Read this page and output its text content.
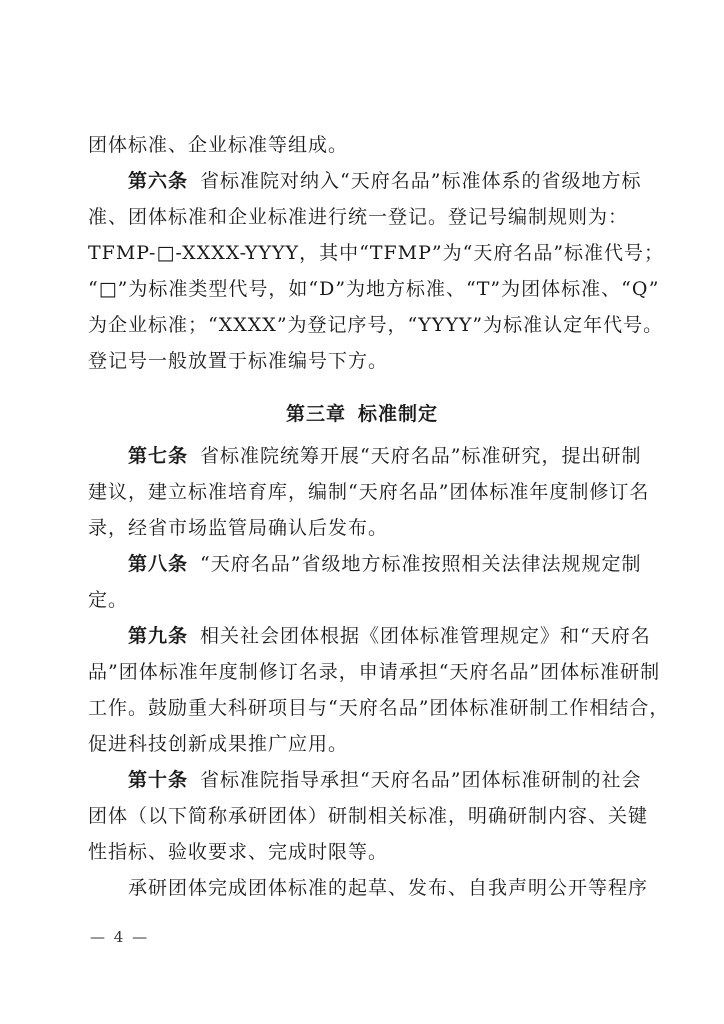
团体标准、企业标准等组成。
第六条 省标准院对纳入“天府名品”标准体系的省级地方标
准、团体标准和企业标准进行统一登记。登记号编制规则为：
TFMP-□-XXXX-YYYY，其中“TFMP”为“天府名品”标准代号；
“□”为标准类型代号，如“D”为地方标准、“T”为团体标准、“Q”
为企业标准；“XXXX”为登记序号，“YYYY”为标准认定年代号。
登记号一般放置于标准编号下方。
第三章 标准制定
第七条 省标准院统筹开展“天府名品”标准研究，提出研制
建议，建立标准培育库，编制“天府名品”团体标准年度制修订名
录，经省市场监管局确认后发布。
第八条 “天府名品”省级地方标准按照相关法律法规规定制
定。
第九条 相关社会团体根据《团体标准管理规定》和“天府名
品”团体标准年度制修订名录，申请承担“天府名品”团体标准研制
工作。鼓励重大科研项目与“天府名品”团体标准研制工作相结合，
促进科技创新成果推广应用。
第十条 省标准院指导承担“天府名品”团体标准研制的社会
团体（以下简称承研团体）研制相关标准，明确研制内容、关键
性指标、验收要求、完成时限等。
承研团体完成团体标准的起草、发布、自我声明公开等程序
— 4 —
